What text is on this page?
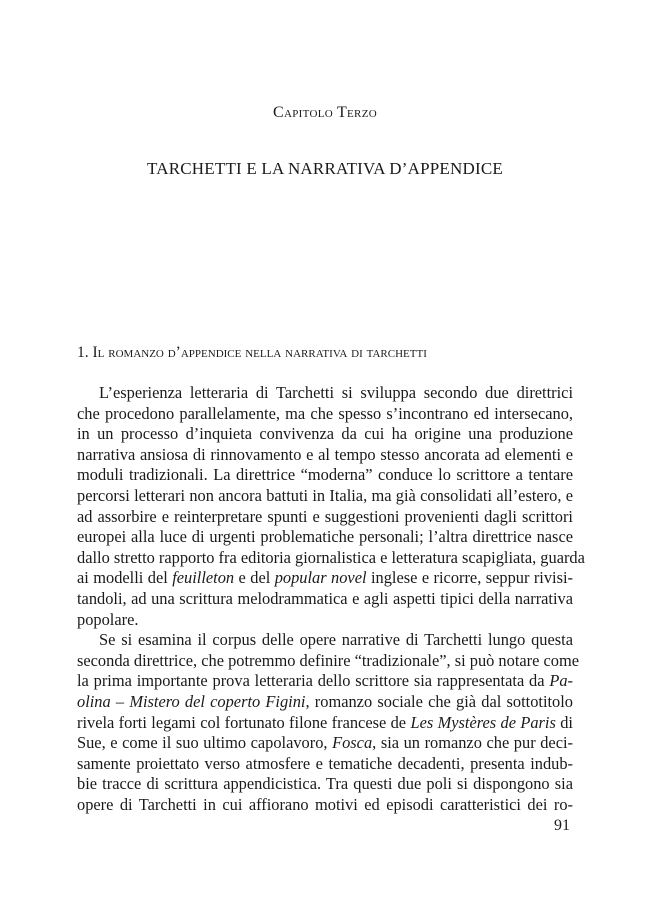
Capitolo Terzo
TARCHETTI E LA NARRATIVA D’APPENDICE
1. Il romanzo d’appendice nella narrativa di tarchetti
L’esperienza letteraria di Tarchetti si sviluppa secondo due direttrici
che procedono parallelamente, ma che spesso s’incontrano ed intersecano,
in un processo d’inquieta convivenza da cui ha origine una produzione
narrativa ansiosa di rinnovamento e al tempo stesso ancorata ad elementi e
moduli tradizionali. La direttrice “moderna” conduce lo scrittore a tentare
percorsi letterari non ancora battuti in Italia, ma già consolidati all’estero, e
ad assorbire e reinterpretare spunti e suggestioni provenienti dagli scrittori
europei alla luce di urgenti problematiche personali; l’altra direttrice nasce
dallo stretto rapporto fra editoria giornalistica e letteratura scapigliata, guarda
ai modelli del feuilleton e del popular novel inglese e ricorre, seppur rivisi-
tandoli, ad una scrittura melodrammatica e agli aspetti tipici della narrativa
popolare.
Se si esamina il corpus delle opere narrative di Tarchetti lungo questa
seconda direttrice, che potremmo definire “tradizionale”, si può notare come
la prima importante prova letteraria dello scrittore sia rappresentata da Pa-
olina – Mistero del coperto Figini, romanzo sociale che già dal sottotitolo
rivela forti legami col fortunato filone francese de Les Mystères de Paris di
Sue, e come il suo ultimo capolavoro, Fosca, sia un romanzo che pur deci-
samente proiettato verso atmosfere e tematiche decadenti, presenta indub-
bie tracce di scrittura appendicistica. Tra questi due poli si dispongono sia
opere di Tarchetti in cui affiorano motivi ed episodi caratteristici dei ro-
91
